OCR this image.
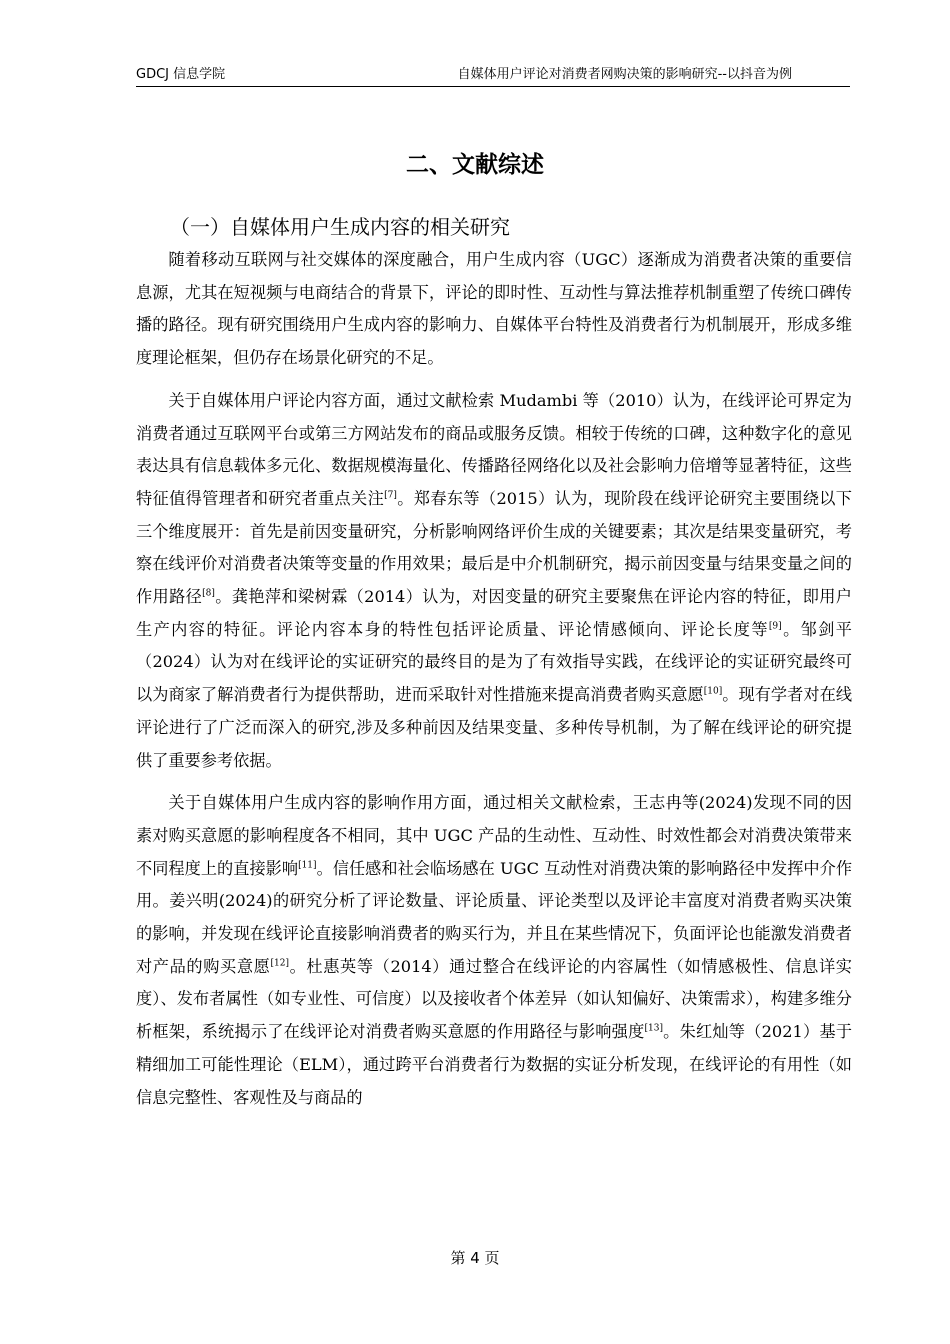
GDCJ 信息学院	自媒体用户评论对消费者网购决策的影响研究--以抖音为例
二、文献综述
（一）自媒体用户生成内容的相关研究

随着移动互联网与社交媒体的深度融合，用户生成内容（UGC）逐渐成为消费者决策的重要信息源，尤其在短视频与电商结合的背景下，评论的即时性、互动性与算法推荐机制重塑了传统口碑传播的路径。现有研究围绕用户生成内容的影响力、自媒体平台特性及消费者行为机制展开，形成多维度理论框架，但仍存在场景化研究的不足。

关于自媒体用户评论内容方面，通过文献检索 Mudambi 等（2010）认为，在线评论可界定为消费者通过互联网平台或第三方网站发布的商品或服务反馈。相较于传统的口碑，这种数字化的意见表达具有信息载体多元化、数据规模海量化、传播路径网络化以及社会影响力倍增等显著特征，这些特征值得管理者和研究者重点关注[7]。郑春东等（2015）认为，现阶段在线评论研究主要围绕以下三个维度展开：首先是前因变量研究，分析影响网络评价生成的关键要素；其次是结果变量研究，考察在线评价对消费者决策等变量的作用效果；最后是中介机制研究，揭示前因变量与结果变量之间的作用路径[8]。龚艳萍和梁树霖（2014）认为，对因变量的研究主要聚焦在评论内容的特征，即用户生产内容的特征。评论内容本身的特性包括评论质量、评论情感倾向、评论长度等[9]。邹剑平（2024）认为对在线评论的实证研究的最终目的是为了有效指导实践，在线评论的实证研究最终可以为商家了解消费者行为提供帮助，进而采取针对性措施来提高消费者购买意愿[10]。现有学者对在线评论进行了广泛而深入的研究,涉及多种前因及结果变量、多种传导机制，为了解在线评论的研究提供了重要参考依据。

关于自媒体用户生成内容的影响作用方面，通过相关文献检索，王志冉等(2024)发现不同的因素对购买意愿的影响程度各不相同，其中 UGC 产品的生动性、互动性、时效性都会对消费决策带来不同程度上的直接影响[11]。信任感和社会临场感在 UGC 互动性对消费决策的影响路径中发挥中介作用。姜兴明(2024)的研究分析了评论数量、评论质量、评论类型以及评论丰富度对消费者购买决策的影响，并发现在线评论直接影响消费者的购买行为，并且在某些情况下，负面评论也能激发消费者对产品的购买意愿[12]。杜惠英等（2014）通过整合在线评论的内容属性（如情感极性、信息详实度）、发布者属性（如专业性、可信度）以及接收者个体差异（如认知偏好、决策需求），构建多维分析框架，系统揭示了在线评论对消费者购买意愿的作用路径与影响强度[13]。朱红灿等（2021）基于精细加工可能性理论（ELM），通过跨平台消费者行为数据的实证分析发现，在线评论的有用性（如信息完整性、客观性及与商品的

第 4 页
